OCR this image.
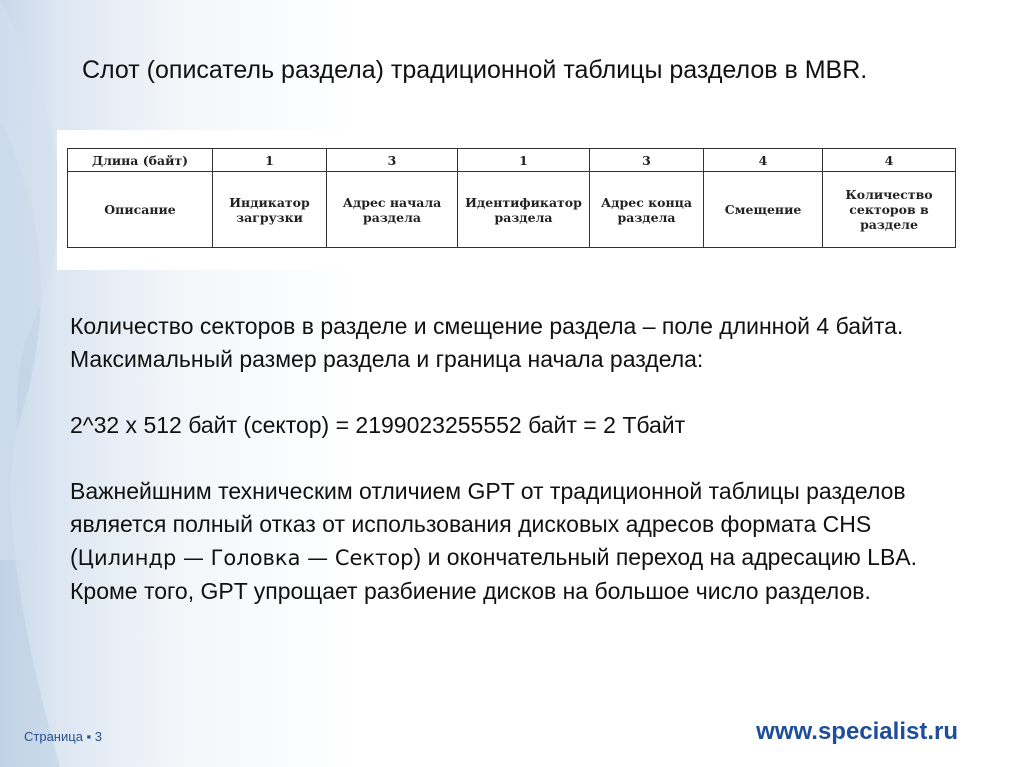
Слот (описатель раздела) традиционной таблицы разделов в MBR.
Длина (байт)	1	3	1	3	4	4
Описание	Индикатор загрузки	Адрес начала раздела	Идентификатор раздела	Адрес конца раздела	Смещение	Количество секторов в разделе

Количество секторов в разделе и смещение раздела – поле длинной 4 байта.

Максимальный размер раздела и граница начала раздела:

2^32 x 512 байт (сектор) = 2199023255552 байт = 2 Тбайт

Важнейшним техническим отличием GPT от традиционной таблицы разделов является полный отказ от использования дисковых адресов формата CHS (Цилиндр — Головка — Сектор) и окончательный переход на адресацию LBA. Кроме того, GPT упрощает разбиение дисков на большое число разделов.

Страница ▪ 3	www.specialist.ru
